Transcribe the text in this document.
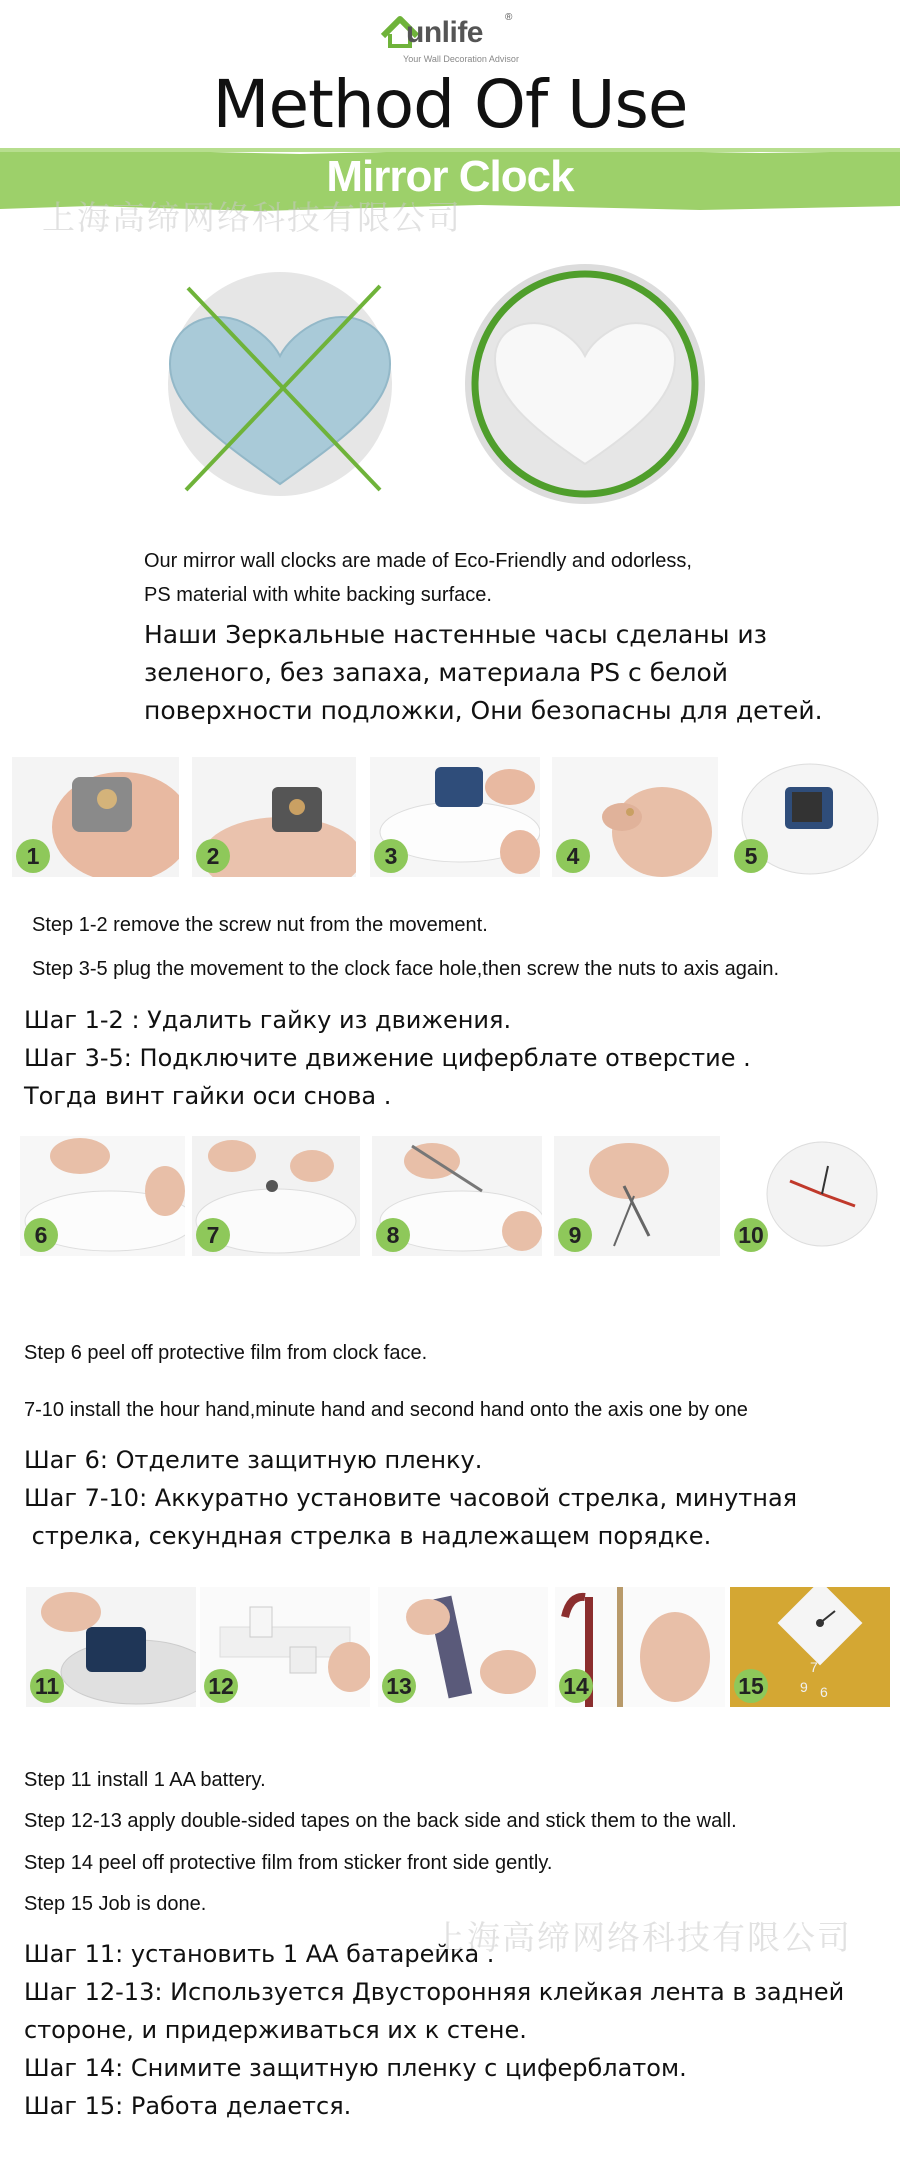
unlife ®
Your Wall Decoration Advisor
Method Of Use
Mirror Clock
上海高缔网络科技有限公司
Our mirror wall clocks are made of Eco-Friendly and odorless,
PS material with white backing surface.
Наши Зеркальные настенные часы сделаны из
зеленого, без запаха, материала PS с белой
поверхности подложки, Они безопасны для детей.
1	2	3	4	5
Step 1-2 remove the screw nut from the movement.
Step 3-5 plug the movement to the clock face hole,then screw the nuts to axis again.
Шаг 1-2 : Удалить гайку из движения.
Шаг 3-5: Подключите движение циферблате отверстие .
Тогда винт гайки оси снова .
6	7	8	9	10
Step 6 peel off protective film from clock face.
7-10 install the hour hand,minute hand and second hand onto the axis one by one
Шаг 6: Отделите защитную пленку.
Шаг 7-10: Аккуратно установите часовой стрелка, минутная
стрелка, секундная стрелка в надлежащем порядке.
11	12	13	14
7
9 6
15
Step 11 install 1 AA battery.
Step 12-13 apply double-sided tapes on the back side and stick them to the wall.
Step 14 peel off protective film from sticker front side gently.
Step 15 Job is done.
上海高缔网络科技有限公司
Шаг 11: установить 1 АА батарейка .
Шаг 12-13: Используется Двусторонняя клейкая лента в задней
стороне, и придерживаться их к стене.
Шаг 14: Снимите защитную пленку с циферблатом.
Шаг 15: Работа делается.
